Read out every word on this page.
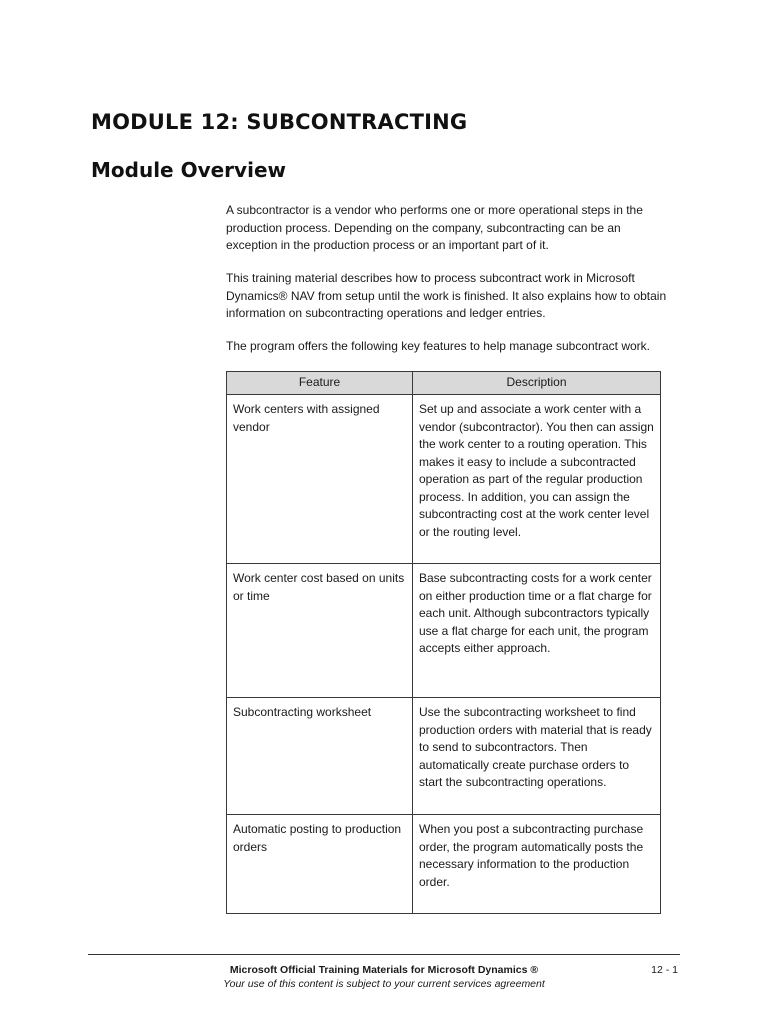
MODULE 12: SUBCONTRACTING
Module Overview

A subcontractor is a vendor who performs one or more operational steps in the production process. Depending on the company, subcontracting can be an exception in the production process or an important part of it.

This training material describes how to process subcontract work in Microsoft Dynamics® NAV from setup until the work is finished. It also explains how to obtain information on subcontracting operations and ledger entries.

The program offers the following key features to help manage subcontract work.

Feature	Description
Work centers with assigned vendor	Set up and associate a work center with a vendor (subcontractor). You then can assign the work center to a routing operation. This makes it easy to include a subcontracted operation as part of the regular production process. In addition, you can assign the subcontracting cost at the work center level or the routing level.
Work center cost based on units or time	Base subcontracting costs for a work center on either production time or a flat charge for each unit. Although subcontractors typically use a flat charge for each unit, the program accepts either approach.
Subcontracting worksheet	Use the subcontracting worksheet to find production orders with material that is ready to send to subcontractors. Then automatically create purchase orders to start the subcontracting operations.
Automatic posting to production orders	When you post a subcontracting purchase order, the program automatically posts the necessary information to the production order.

Microsoft Official Training Materials for Microsoft Dynamics ®

Your use of this content is subject to your current services agreement

12 - 1
